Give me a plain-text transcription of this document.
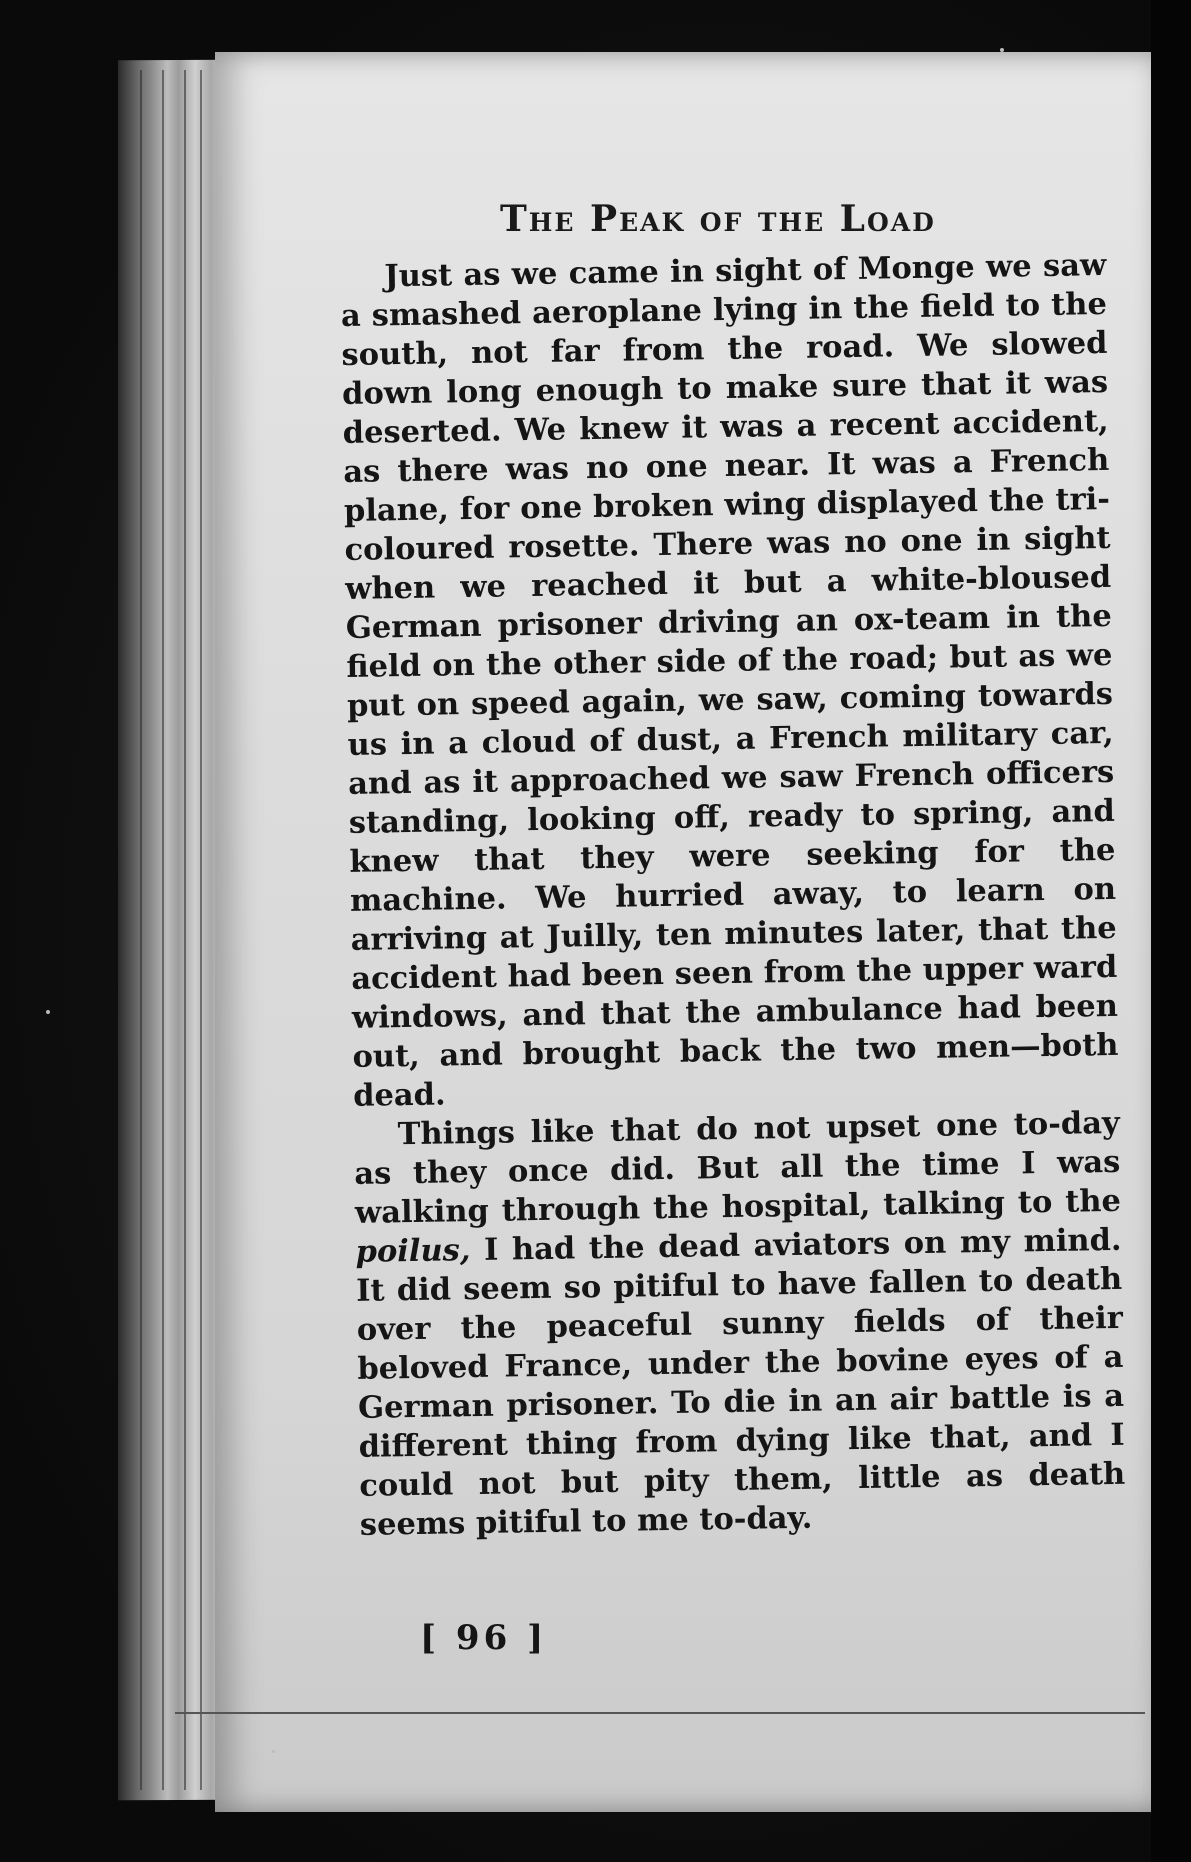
The Peak of the Load

Just as we came in sight of Monge we saw a smashed aeroplane lying in the field to the south, not far from the road. We slowed down long enough to make sure that it was deserted. We knew it was a recent accident, as there was no one near. It was a French plane, for one broken wing displayed the tri-coloured rosette. There was no one in sight when we reached it but a white-bloused German prisoner driving an ox-team in the field on the other side of the road; but as we put on speed again, we saw, coming towards us in a cloud of dust, a French military car, and as it approached we saw French officers standing, looking off, ready to spring, and knew that they were seeking for the machine. We hurried away, to learn on arriving at Juilly, ten minutes later, that the accident had been seen from the upper ward windows, and that the ambulance had been out, and brought back the two men—both dead.

Things like that do not upset one to-day as they once did. But all the time I was walking through the hospital, talking to the poilus, I had the dead aviators on my mind. It did seem so pitiful to have fallen to death over the peaceful sunny fields of their beloved France, under the bovine eyes of a German prisoner. To die in an air battle is a different thing from dying like that, and I could not but pity them, little as death seems pitiful to me to-day.

[ 96 ]
